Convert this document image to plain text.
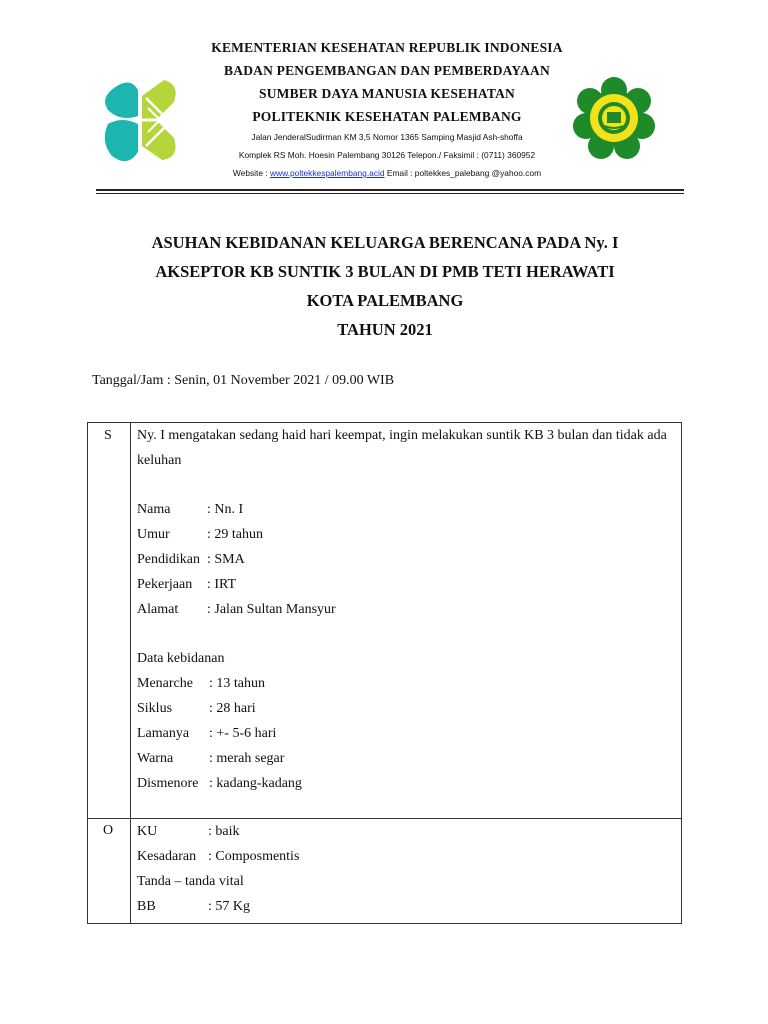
KEMENTERIAN KESEHATAN REPUBLIK INDONESIA
BADAN PENGEMBANGAN DAN PEMBERDAYAAN
SUMBER DAYA MANUSIA KESEHATAN
POLITEKNIK KESEHATAN PALEMBANG
Jalan JenderalSudirman KM 3,5 Nomor 1365 Samping Masjid Ash-shoffa
Komplek RS Moh. Hoesin Palembang 30126 Telepon./ Faksimil : (0711) 360952
Website : www.poltekkespalembang.acid Email : poltekkes_palebang @yahoo.com
ASUHAN KEBIDANAN KELUARGA BERENCANA PADA Ny. I
AKSEPTOR KB SUNTIK 3 BULAN DI PMB TETI HERAWATI
KOTA PALEMBANG
TAHUN 2021
Tanggal/Jam : Senin, 01 November 2021 / 09.00 WIB
S Ny. I mengatakan sedang haid hari keempat, ingin melakukan suntik KB 3 bulan dan tidak ada keluhan
Nama	: Nn. I
Umur	: 29 tahun
Pendidikan : SMA
Pekerjaan : IRT
Alamat : Jalan Sultan Mansyur
Data kebidanan
Menarche : 13 tahun
Siklus	: 28 hari
Lamanya : +- 5-6 hari
Warna	: merah segar
Dismenore : kadang-kadang
O KU	: baik
Kesadaran : Composmentis
Tanda – tanda vital
BB	: 57 Kg
